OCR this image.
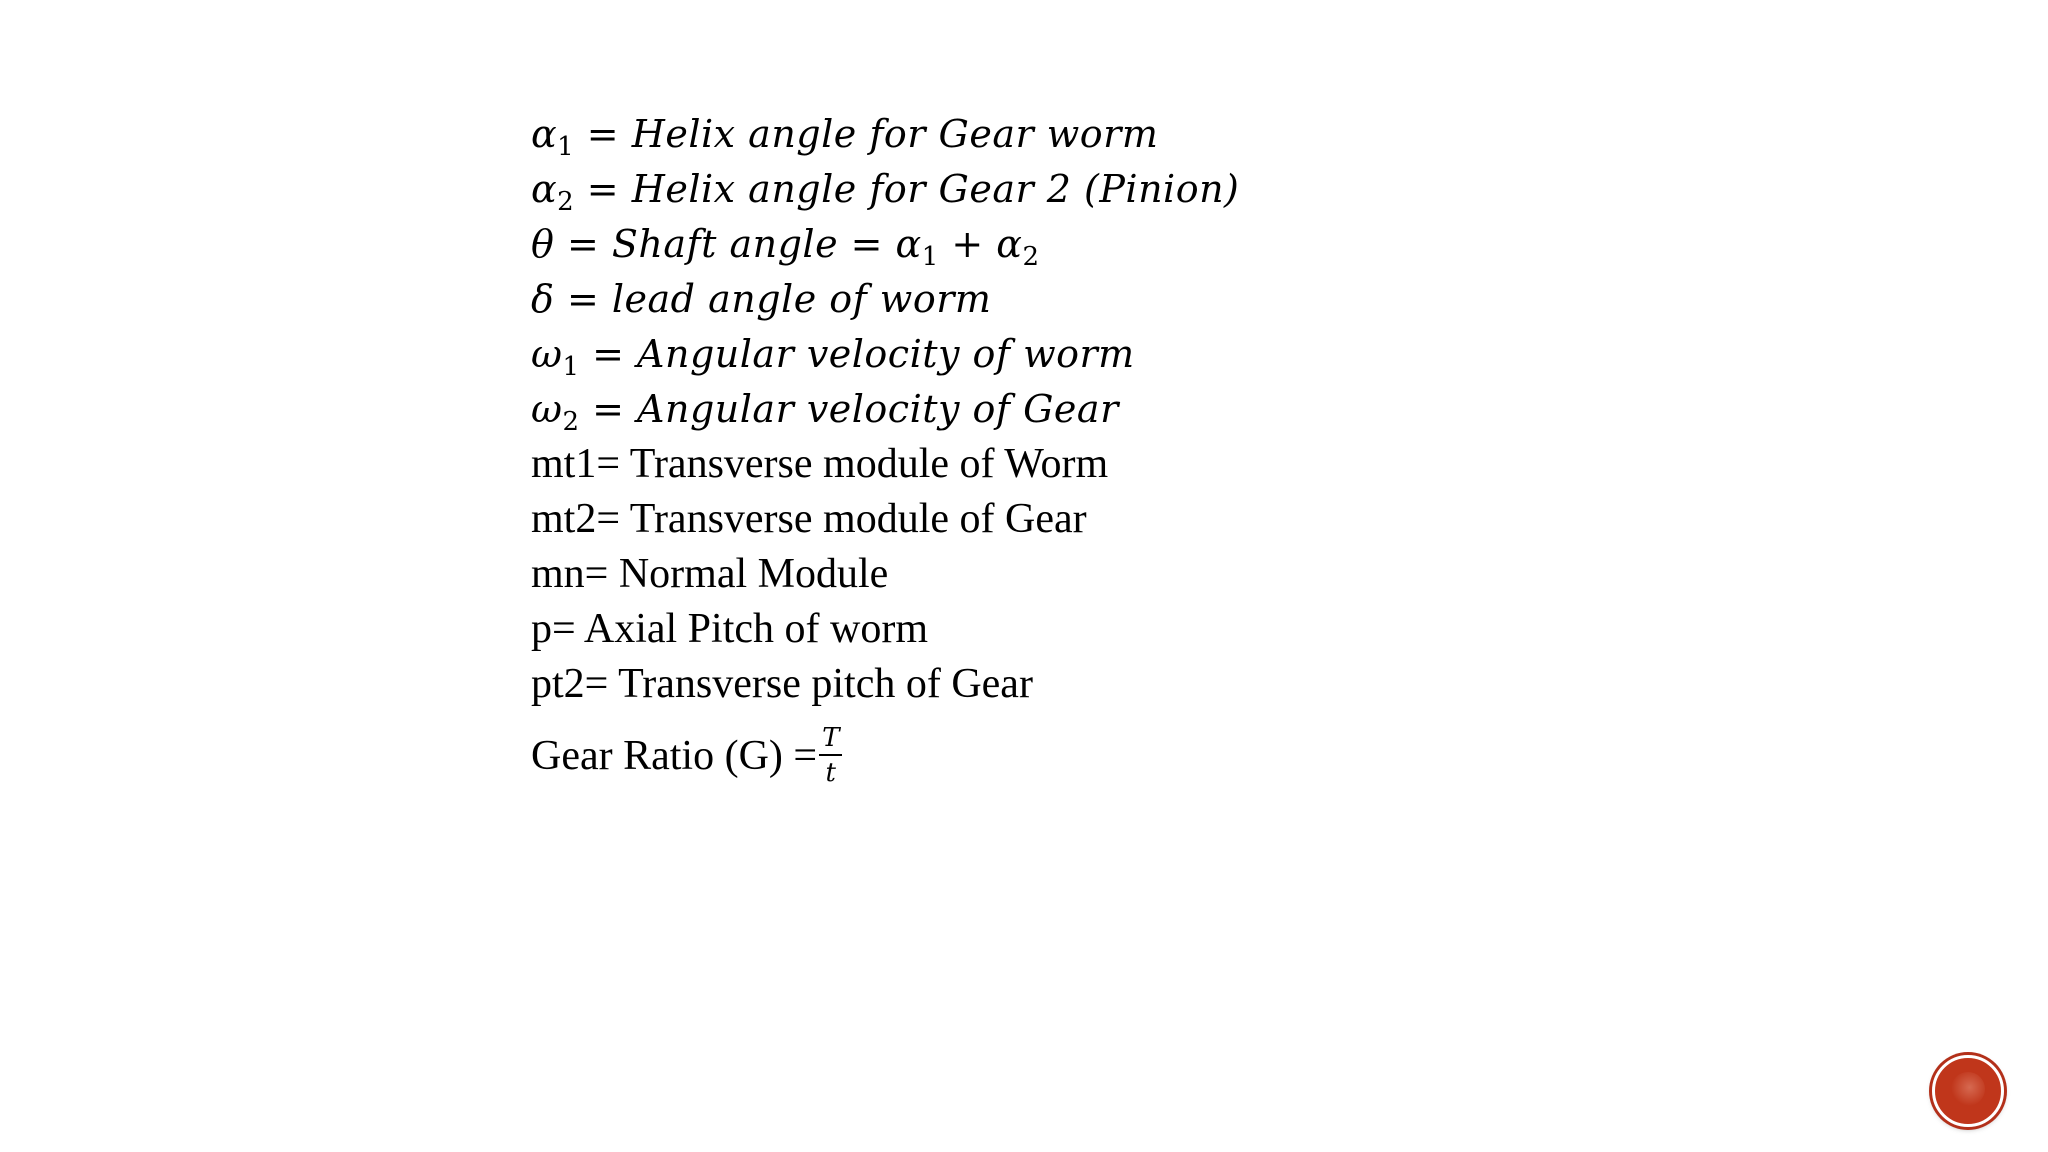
$\alpha_1$ = Helix angle for Gear worm
$\alpha_2$ = Helix angle for Gear 2 (Pinion)
θ = Shaft angle = $\alpha_1 + \alpha_2$
δ = lead angle of worm
$\omega_1$ = Angular velocity of worm
$\omega_2$ = Angular velocity of Gear
mt1= Transverse module of Worm
mt2= Transverse module of Gear
mn= Normal Module
p= Axial Pitch of worm
pt2= Transverse pitch of Gear
Gear Ratio $(G) = \frac{T}{t}$
